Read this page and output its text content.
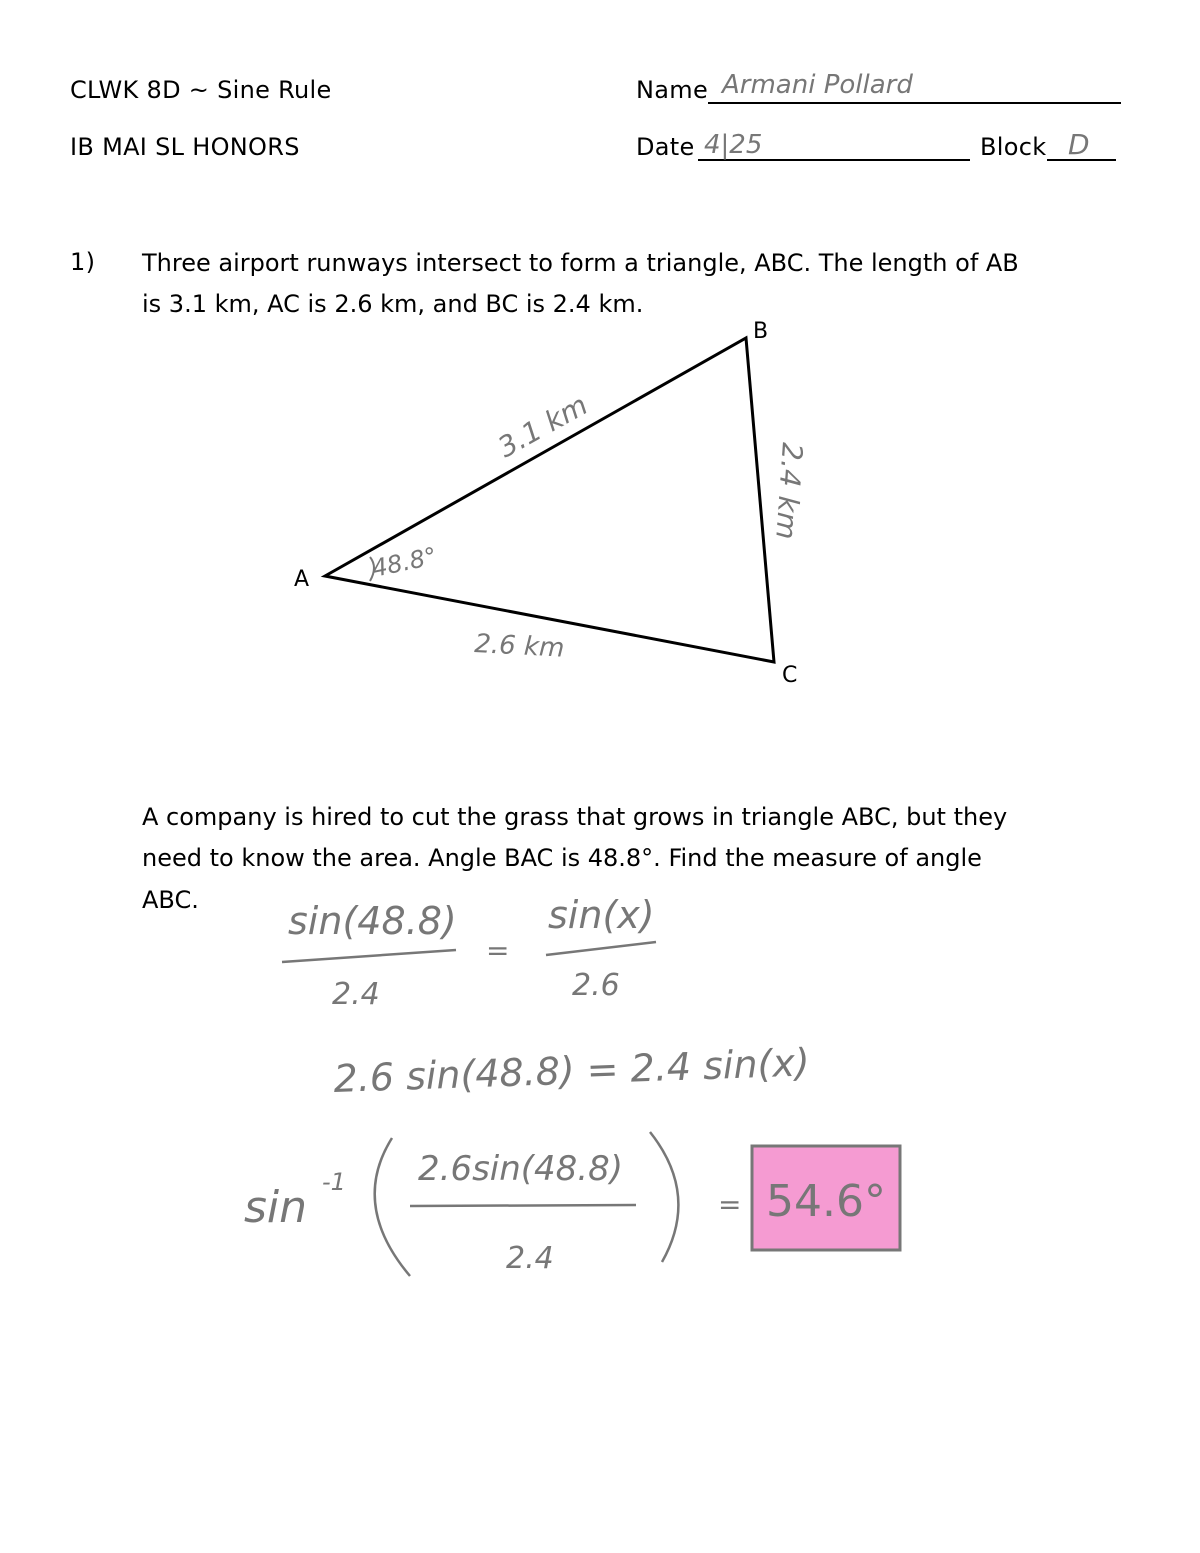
CLWK 8D ~ Sine Rule
IB MAI SL HONORS
Name Armani Pollard
Date 4|25	Block D
1) Three airport runways intersect to form a triangle, ABC. The length of AB
is 3.1 km, AC is 2.6 km, and BC is 2.4 km.
A
B
C
3.1 km
2.4 km
2.6 km
48.8°
A company is hired to cut the grass that grows in triangle ABC, but they
need to know the area. Angle BAC is 48.8°. Find the measure of angle
ABC. sin(48.8)
2.4
=
sin(x)
2.6
2.6 sin(48.8) = 2.4 sin(x)
sin -1 2.6sin(48.8)
2.4
= 54.6°
